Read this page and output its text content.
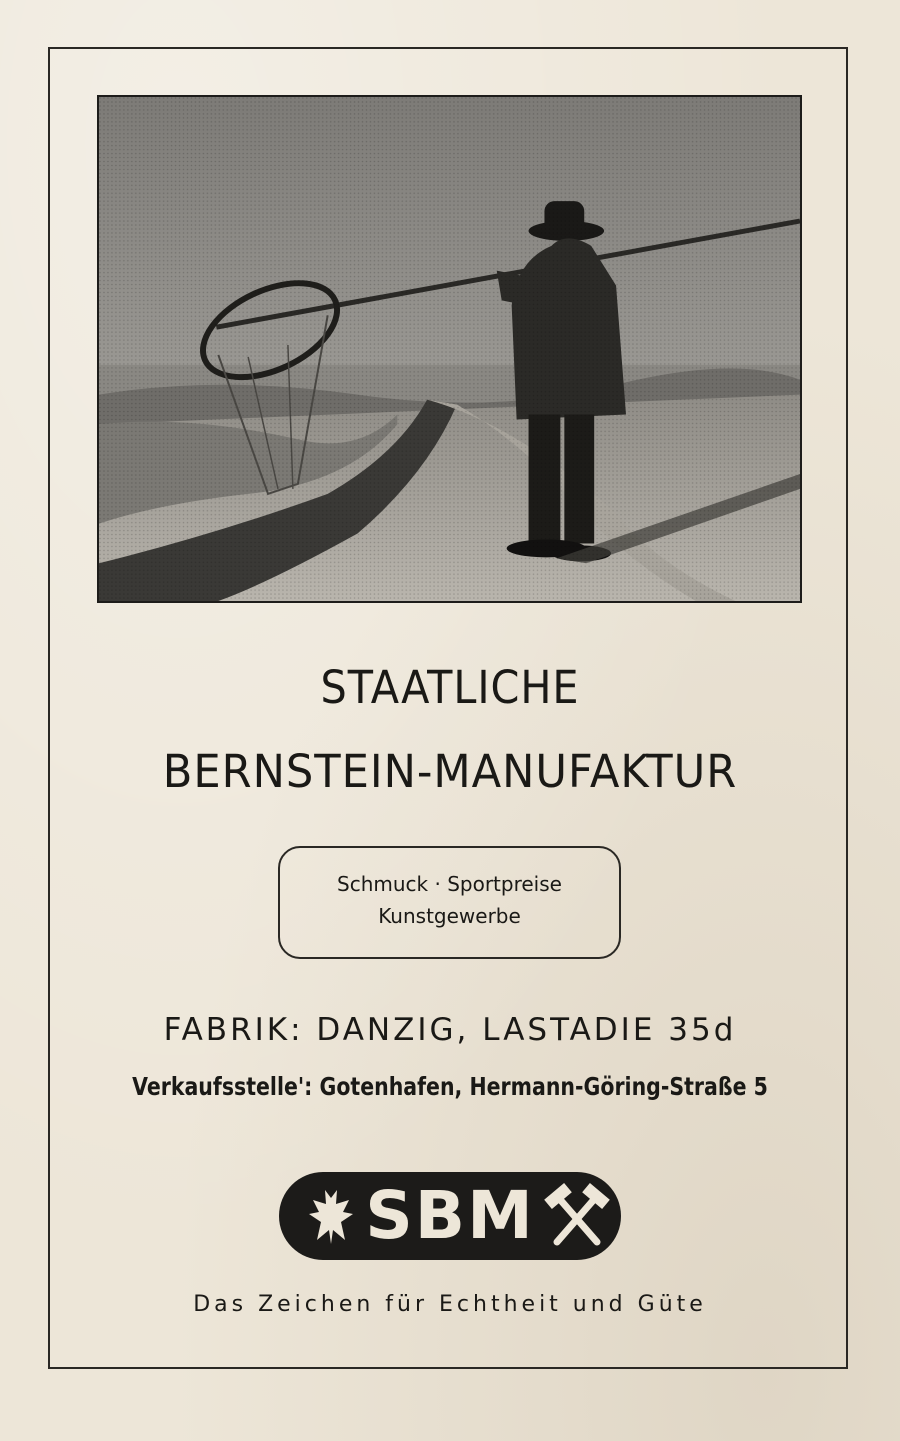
STAATLICHE
BERNSTEIN-MANUFAKTUR
Schmuck · Sportpreise
Kunstgewerbe
FABRIK: DANZIG, LASTADIE 35d
Verkaufsstelle': Gotenhafen, Hermann-Göring-Straße 5
SBM
Das Zeichen für Echtheit und Güte
